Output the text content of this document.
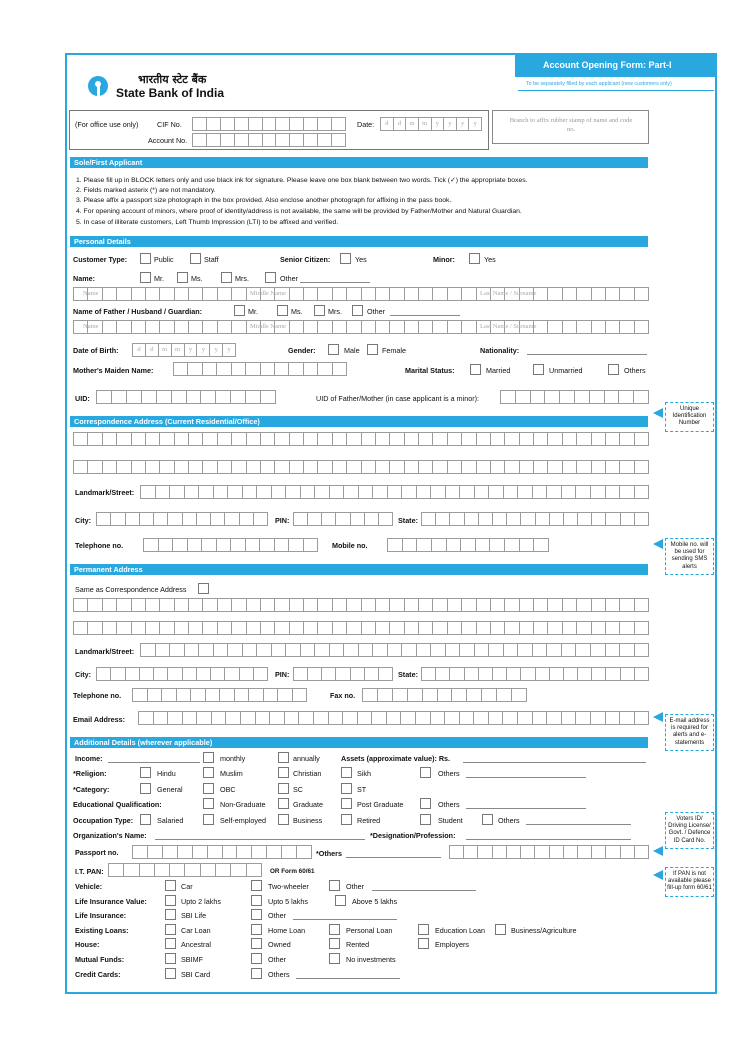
भारतीय स्टेट बैंक
State Bank of India
Account Opening Form: Part-I
To be separately filled by each applicant (new customers only)
(For office use only)	CIF No.
Account No.
Date:	d	d	m	m	y	y	y	y	Branch to affix rubber stamp of name and code no.
Sole/First Applicant
1. Please fill up in BLOCK letters only and use black ink for signature. Please leave one box blank between two words. Tick (✓) the appropriate boxes.
2. Fields marked asterix (*) are not mandatory.
3. Please affix a passport size photograph in the box provided. Also enclose another photograph for affixing in the pass book.
4. For opening account of minors, where proof of identity/address is not available, the same will be provided by Father/Mother and Natural Guardian.
5. In case of illiterate customers, Left Thumb Impression (LTI) to be affixed and verified.
Personal Details
Customer Type:	Public	Staff	Senior Citizen:	Yes	Minor:	Yes
Name:	Mr.	Ms.	Mrs.	Other
Name	Middle Name	Last Name / Surname
Name of Father / Husband / Guardian:	Mr.	Ms.	Mrs.	Other
Name	Middle Name	Last Name / Surname
Date of Birth:	d	d	m	m	y	y	y	y	Gender:	Male	Female	Nationality:
Mother's Maiden Name:	Marital Status:	Married	Unmarried	Others
UID:	UID of Father/Mother (in case applicant is a minor):
Unique Identification Number
Correspondence Address (Current Residential/Office)
Landmark/Street:
City:	PIN:	State:
Telephone no.	Mobile no.	Mobile no. will be used for sending SMS alerts
Permanent Address
Same as Correspondence Address
Landmark/Street:
City:	PIN:	State:
Telephone no.	Fax no.
Email Address:	E-mail address is required for alerts and e-statements
Additional Details (wherever applicable)
Income:	monthly	annually	Assets (approximate value): Rs.
*Religion:	Hindu	Muslim	Christian	Sikh	Others
*Category:	General	OBC	SC	ST
Educational Qualification:	Non-Graduate	Graduate	Post Graduate	Others
Occupation Type:	Salaried	Self-employed	Business	Retired	Student	Others
Organization's Name:	*Designation/Profession:
Passport no.	*Others
Voters ID/ Driving License/ Govt. / Defence ID Card No.
I.T. PAN:	OR Form 60/61	If PAN is not available please fill-up form 60/61
Vehicle:	Car	Two-wheeler	Other
Life Insurance Value:	Upto 2 lakhs	Upto 5 lakhs	Above 5 lakhs
Life Insurance:	SBI Life	Other
Existing Loans:	Car Loan	Home Loan	Personal Loan	Education Loan	Business/Agriculture
House:	Ancestral	Owned	Rented	Employers
Mutual Funds:	SBIMF	Other	No investments
Credit Cards:	SBI Card	Others
